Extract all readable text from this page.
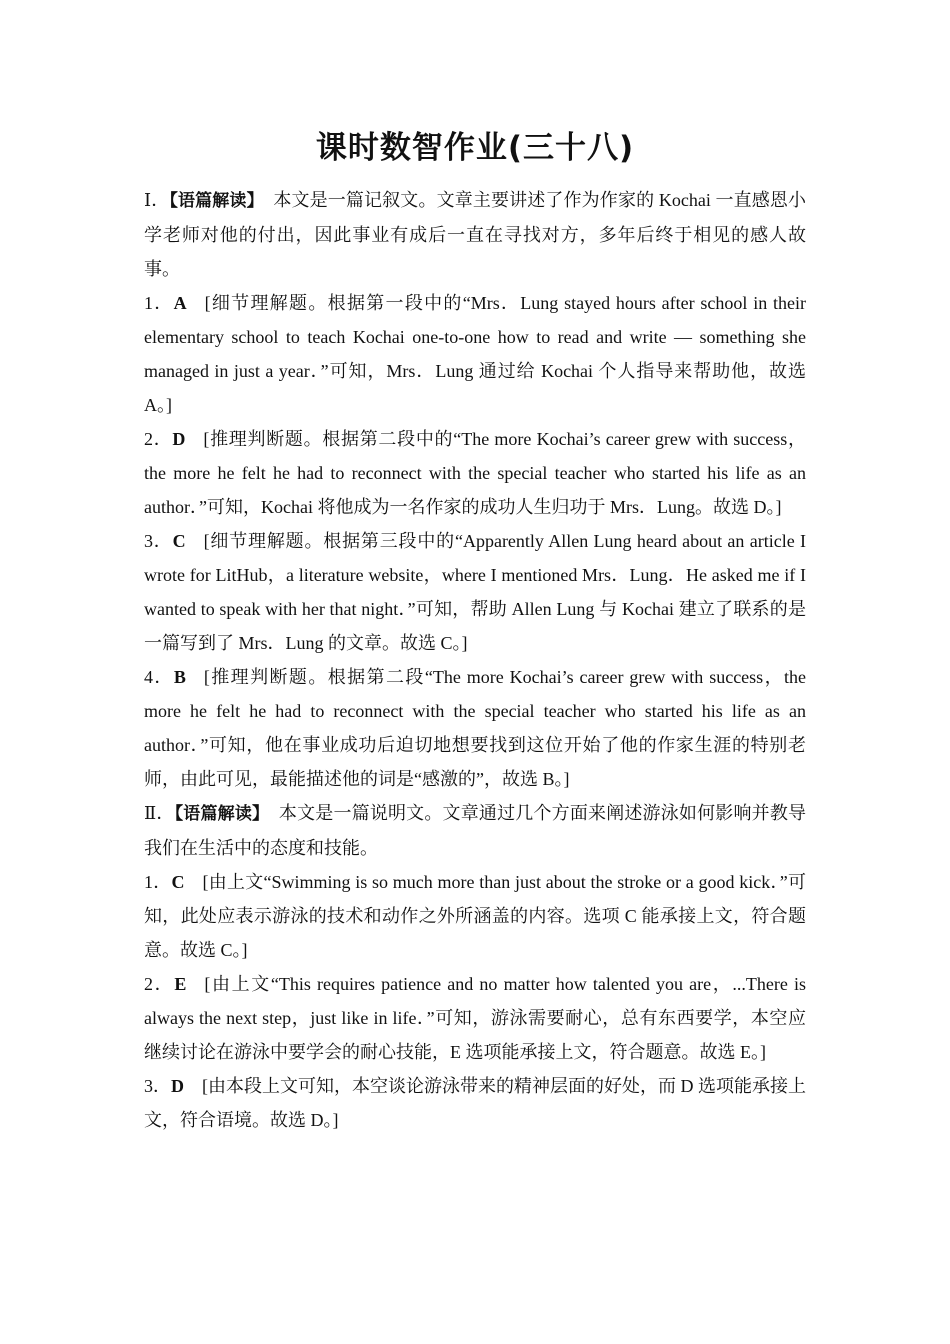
课时数智作业(三十八)

Ⅰ．【语篇解读】　 本文是一篇记叙文。文章主要讲述了作为作家的 Kochai 一直感恩小学老师对他的付出，因此事业有成后一直在寻找对方，多年后终于相见的感人故事。

1．A  [细节理解题。根据第一段中的“Mrs．Lung stayed hours after school in their elementary school to teach Kochai one-to-one how to read and write — something she managed in just a year．”可知，Mrs．Lung 通过给 Kochai 个人指导来帮助他，故选 A。]

2．D  [推理判断题。根据第二段中的“The more Kochai’s career grew with success，the more he felt he had to reconnect with the special teacher who started his life as an author．”可知，Kochai 将他成为一名作家的成功人生归功于 Mrs．Lung。故选 D。]

3．C  [细节理解题。根据第三段中的“Apparently Allen Lung heard about an article I wrote for LitHub，a literature website，where I mentioned Mrs．Lung．He asked me if I wanted to speak with her that night．”可知，帮助 Allen Lung 与 Kochai 建立了联系的是一篇写到了 Mrs．Lung 的文章。故选 C。]

4．B  [推理判断题。根据第二段“The more Kochai’s career grew with success，the more he felt he had to reconnect with the special teacher who started his life as an author．”可知，他在事业成功后迫切地想要找到这位开始了他的作家生涯的特别老师，由此可见，最能描述他的词是“感激的”，故选 B。]

Ⅱ．【语篇解读】　 本文是一篇说明文。文章通过几个方面来阐述游泳如何影响并教导我们在生活中的态度和技能。

1．C  [由上文“Swimming is so much more than just about the stroke or a good kick．”可知，此处应表示游泳的技术和动作之外所涵盖的内容。选项 C 能承接上文，符合题意。故选 C。]

2．E  [由上文“This requires patience and no matter how talented you are，...There is always the next step，just like in life．”可知，游泳需要耐心，总有东西要学，本空应继续讨论在游泳中要学会的耐心技能，E 选项能承接上文，符合题意。故选 E。]

3．D  [由本段上文可知，本空谈论游泳带来的精神层面的好处，而 D 选项能承接上文，符合语境。故选 D。]
